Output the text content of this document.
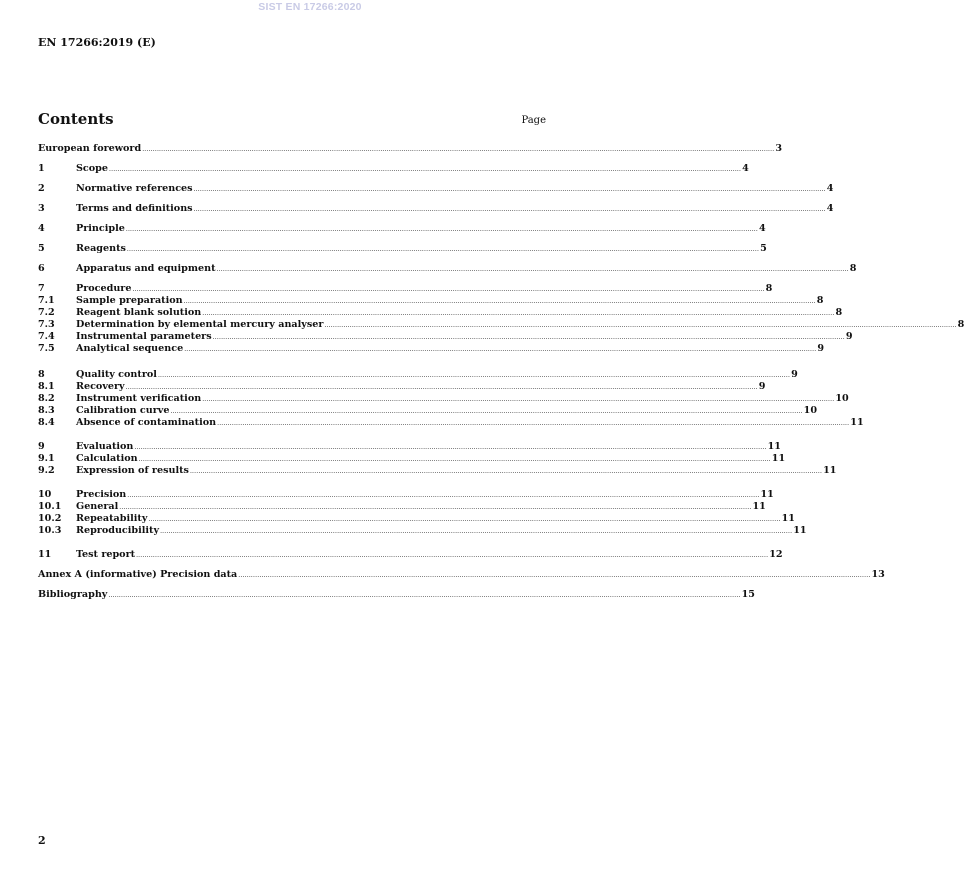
SIST EN 17266:2020
EN 17266:2019 (E)
Contents	Page
European foreword ............................................................................................................................................................................................................................................................................................................ 3
1	Scope ............................................................................................................................................................................................................................................................................................................ 4
2	Normative references ............................................................................................................................................................................................................................................................................................................ 4
3	Terms and definitions ............................................................................................................................................................................................................................................................................................................ 4
4	Principle ............................................................................................................................................................................................................................................................................................................ 4
5	Reagents ............................................................................................................................................................................................................................................................................................................ 5
6	Apparatus and equipment ............................................................................................................................................................................................................................................................................................................ 8
7	Procedure ............................................................................................................................................................................................................................................................................................................ 8
7.1	Sample preparation ............................................................................................................................................................................................................................................................................................................ 8
7.2	Reagent blank solution ............................................................................................................................................................................................................................................................................................................ 8
7.3	Determination by elemental mercury analyser ............................................................................................................................................................................................................................................................................................................ 8
7.4	Instrumental parameters ............................................................................................................................................................................................................................................................................................................ 9
7.5	Analytical sequence ............................................................................................................................................................................................................................................................................................................ 9
8	Quality control ............................................................................................................................................................................................................................................................................................................ 9
8.1	Recovery ............................................................................................................................................................................................................................................................................................................ 9
8.2	Instrument verification ............................................................................................................................................................................................................................................................................................................ 10
8.3	Calibration curve ............................................................................................................................................................................................................................................................................................................ 10
8.4	Absence of contamination ............................................................................................................................................................................................................................................................................................................ 11
9	Evaluation ............................................................................................................................................................................................................................................................................................................ 11
9.1	Calculation ............................................................................................................................................................................................................................................................................................................ 11
9.2	Expression of results ............................................................................................................................................................................................................................................................................................................ 11
10	Precision ............................................................................................................................................................................................................................................................................................................ 11
10.1	General ............................................................................................................................................................................................................................................................................................................ 11
10.2	Repeatability ............................................................................................................................................................................................................................................................................................................ 11
10.3	Reproducibility ............................................................................................................................................................................................................................................................................................................ 11
11	Test report ............................................................................................................................................................................................................................................................................................................ 12
Annex A (informative) Precision data ............................................................................................................................................................................................................................................................................................................ 13
Bibliography ............................................................................................................................................................................................................................................................................................................ 15
2
